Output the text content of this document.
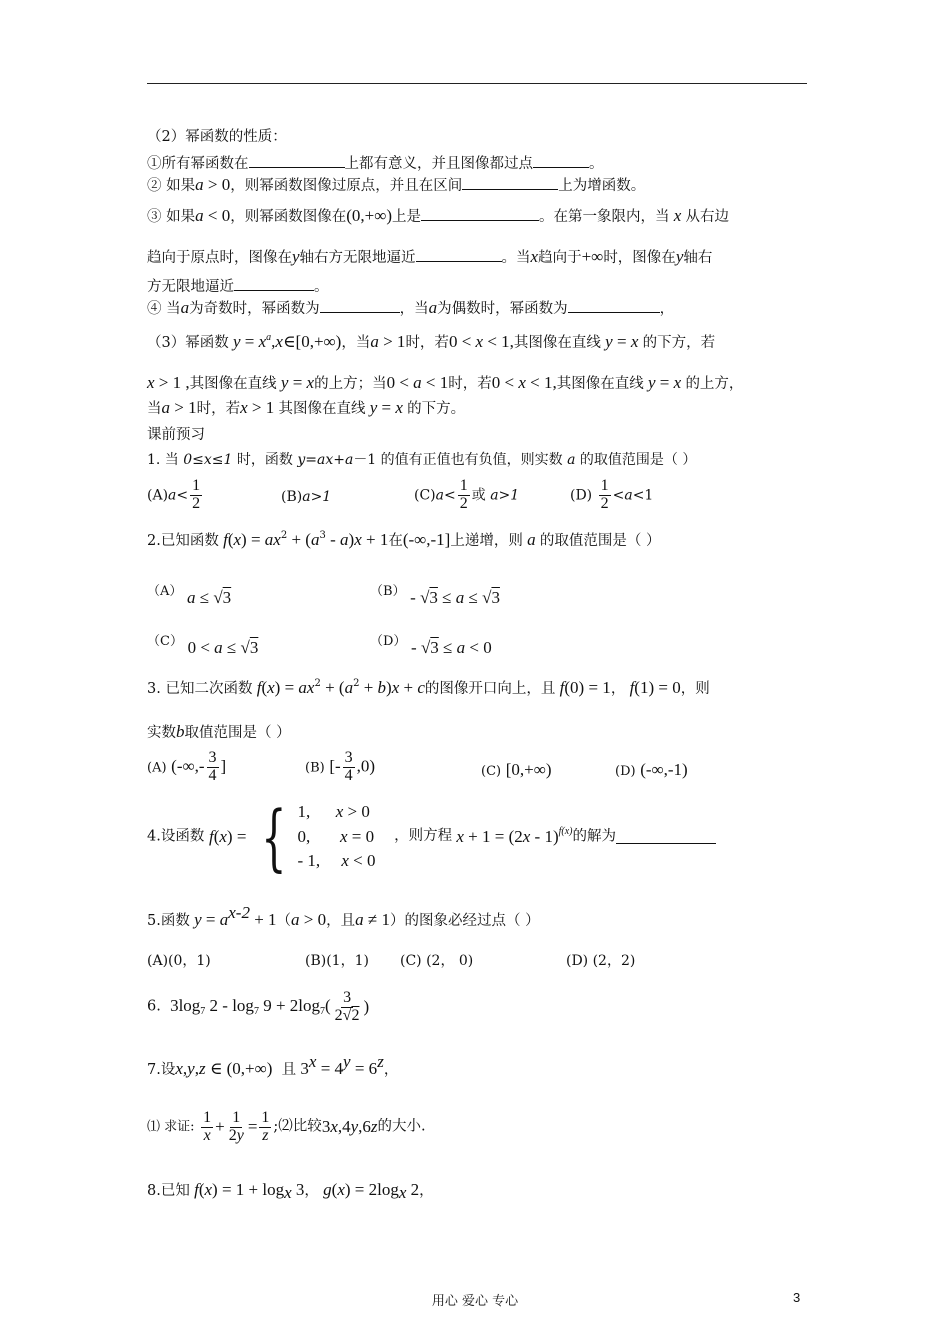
（2）幂函数的性质：
①所有幂函数在	上都有意义，并且图像都过点	。
② 如果a > 0，则幂函数图像过原点，并且在区间	上为增函数。
③ 如果a < 0，则幂函数图像在(0,+∞)上是	。在第一象限内，当 x 从右边
趋向于原点时，图像在y轴右方无限地逼近	。当x趋向于+∞时，图像在y轴右
方无限地逼近	。
④ 当a为奇数时，幂函数为	，当a为偶数时，幂函数为	，
（3）幂函数 $y = x^a,x\in[0,+\infty)$，当a > 1时，若0 < x < 1,其图像在直线 y = x 的下方，若
x > 1 ,其图像在直线 y = x的上方；当0 < a < 1时，若0 < x < 1,其图像在直线 y = x 的上方，
当a > 1时，若x > 1 其图像在直线 y = x 的下方。
课前预习
1. 当 0≤x≤1 时，函数 y=ax+a－1 的值有正值也有负值，则实数 a 的取值范围是（ ）
$(A)a< \frac{1}{2}$	(B)a>1	$(C)a< \frac{1}{2}$ 或 a>1	$(D) \frac{1}{2} <a<1$
2.已知函数 $f(x) = ax^2 + (a^3 - a)x + 1$在(-∞,-1]上递增，则 a 的取值范围是（ ）
（A） a ≤ √3	（B） - √3 ≤ a ≤ √3
（C） 0 < a ≤ √3	（D） - √3 ≤ a < 0
3. 已知二次函数 $f(x) = ax^2 + (a^2 + b)x + c$的图像开口向上，且 f(0) = 1， f(1) = 0，则
实数b取值范围是（ ）
(A) (-∞,- $\frac{3}{4}$ ]	(B) [- $\frac{3}{4} ,0$)	(C) [0,+∞)	(D) (-∞,-1)
4.设函数 f(x) = { 1,      x > 0
0,       x = 0
- 1,     x < 0
，则方程 x + 1 = (2x - 1)$^{f(x)}$的解为
5.函数 $y = a^{x-2} + 1(a > 0$，且a ≠ 1）的图象必经过点（ ）
(A)(0，1)	(B)(1，1) (C) (2， 0)	(D) (2，2)
6. $3\log_7$ $2 - \log_7 9 + 2\log_7( \frac{3}{2√2}$ )
7.设x,y,z ∈ (0,+∞) 且 $3^x = 4^y = 6^z$，
⑴ 求证: $\frac{1}{x} + \frac{1}{2y} = \frac{1}{z}$ ;⑵比较3x,4y,6z的大小.
8.已知 $f(x) = 1 + \log_x 3$， $g(x) = 2\log_x$ 2，
用心 爱心 专心	3
